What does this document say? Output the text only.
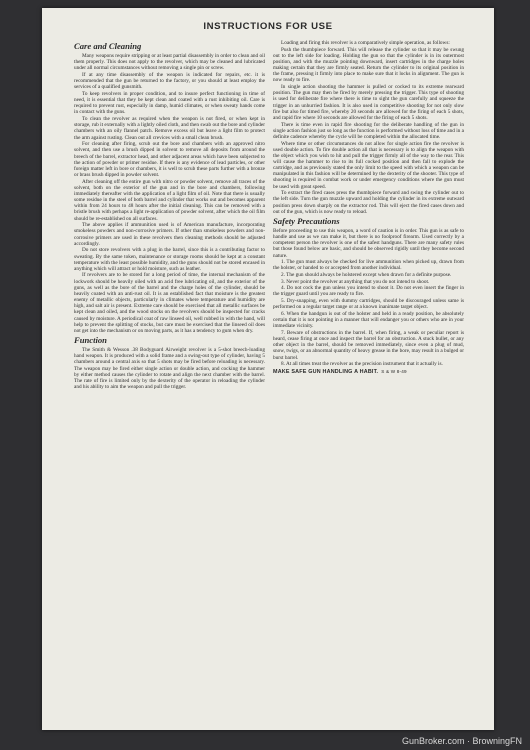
INSTRUCTIONS FOR USE
Care and Cleaning

Many weapons require stripping or at least partial disassembly in order to clean and oil them properly. This does not apply to the revolver, which may be cleaned and lubricated under all normal circumstances without removing a single pin or screw.

If at any time disassembly of the weapon is indicated for repairs, etc. it is recommended that the gun be returned to the factory, or you should at least employ the services of a qualified gunsmith.

To keep revolvers in proper condition, and to insure perfect functioning in time of need, it is essential that they be kept clean and coated with a rust inhibiting oil. Care is required to prevent rust, especially in damp, humid climates, or when sweaty hands come in contact with the guns.

To clean the revolver as required when the weapon is not fired, or when kept in storage, rub it externally with a lightly oiled cloth, and then swab out the bore and cylinder chambers with an oily flannel patch. Remove excess oil but leave a light film to protect the arm against rusting. Clean out all crevices with a small clean brush.

For cleaning after firing, scrub out the bore and chambers with an approved nitro solvent, and then use a brush dipped in solvent to remove all deposits from around the breech of the barrel, extractor head, and other adjacent areas which have been subjected to the action of powder or primer residue. If there is any evidence of lead particles, or other foreign matter left in bore or chambers, it is well to scrub these parts further with a bronze or brass brush dipped in powder solvent.

After cleaning off the entire gun with nitro or powder solvent, remove all traces of the solvent, both on the exterior of the gun and in the bore and chambers, following immediately thereafter with the application of a light film of oil. Note that there is usually some residue in the steel of both barrel and cylinder that works out and becomes apparent within from 24 hours to 48 hours after the initial cleaning. This can be removed with a bristle brush with perhaps a light re-application of powder solvent, after which the oil film should be re-established on all surfaces.

The above applies if ammunition used is of American manufacture, incorporating smokeless powders and non-corrosive primers. If other than smokeless powders and non-corrosive primers are used in these revolvers then cleaning methods should be adjusted accordingly.

Do not store revolvers with a plug in the barrel, since this is a contributing factor to sweating. By the same token, maintenance or storage rooms should be kept at a constant temperature with the least possible humidity, and the guns should not be stored encased in anything which will attract or hold moisture, such as leather.

If revolvers are to be stored for a long period of time, the internal mechanism of the lockwork should be heavily oiled with an acid free lubricating oil, and the exterior of the guns, as well as the bore of the barrel and the charge holes of the cylinder, should be heavily coated with an anti-rust oil. It is an established fact that moisture is the greatest enemy of metallic objects, particularly in climates where temperature and humidity are high, and salt air is present. Extreme care should be exercised that all metallic surfaces be kept clean and oiled, and the wood stocks on the revolvers should be inspected for cracks caused by moisture. A periodical coat of raw linseed oil, well rubbed in with the hand, will help to prevent the splitting of stocks, but care must be exercised that the linseed oil does not get into the mechanism or on moving parts, as it has a tendency to gum when dry.

Function

The Smith & Wesson .38 Bodyguard Airweight revolver is a 5-shot breech-loading hand weapon. It is produced with a solid frame and a swing-out type of cylinder, having 5 chambers around a central axis so that 5 shots may be fired before reloading is necessary. The weapon may be fired either single action or double action, and cocking the hammer by either method causes the cylinder to rotate and align the next chamber with the barrel. The rate of fire is limited only by the dexterity of the operator in reloading the cylinder and his ability to aim the weapon and pull the trigger.

Loading and firing this revolver is a comparatively simple operation, as follows:

Push the thumbpiece forward. This will release the cylinder so that it may be swung out to the left side for loading. Holding the gun so that the cylinder is in its outermost position, and with the muzzle pointing downward, insert cartridges in the charge holes making certain that they are firmly seated. Return the cylinder to its original position in the frame, pressing it firmly into place to make sure that it locks in alignment. The gun is now ready to fire.

In single action shooting the hammer is pulled or cocked to its extreme rearward position. The gun may then be fired by merely pressing the trigger. This type of shooting is used for deliberate fire where there is time to sight the gun carefully and squeeze the trigger in an unhurried fashion. It is also used in competitive shooting for not only slow fire but also for timed fire, whereby 20 seconds are allowed for the firing of each 5 shots, and rapid fire where 10 seconds are allowed for the firing of each 5 shots.

There is time even in rapid fire shooting for the deliberate handling of the gun in single action fashion just so long as the function is performed without loss of time and in a definite cadence whereby the cycle will be completed within the allocated time.

Where time or other circumstances do not allow for single action fire the revolver is used double action. To fire double action all that is necessary is to align the weapon with the object which you wish to hit and pull the trigger firmly all of the way to the rear. This will cause the hammer to rise to its full cocked position and then fall to explode the cartridge, and as previously stated the only limit to the speed with which a weapon can be manipulated in this fashion will be determined by the dexterity of the shooter. This type of shooting is required in combat work or under emergency conditions where the gun must be used with great speed.

To extract the fired cases press the thumbpiece forward and swing the cylinder out to the left side. Turn the gun muzzle upward and holding the cylinder in its extreme outward position press down sharply on the extractor rod. This will eject the fired cases down and out of the gun, which is now ready to reload.

Safety Precautions

Before proceeding to use this weapon, a word of caution is in order. This gun is as safe to handle and use as we can make it, but there is no foolproof firearm. Used correctly by a competent person the revolver is one of the safest handguns. There are many safety rules but those found below are basic, and should be observed rigidly until they become second nature.

1. The gun must always be checked for live ammunition when picked up, drawn from the holster, or handed to or accepted from another individual.

2. The gun should always be holstered except when drawn for a definite purpose.

3. Never point the revolver at anything that you do not intend to shoot.

4. Do not cock the gun unless you intend to shoot it. Do not even insert the finger in the trigger guard until you are ready to fire.

5. Dry-snapping, even with dummy cartridges, should be discouraged unless same is performed on a regular target range or at a known inanimate target object.

6. When the handgun is out of the holster and held in a ready position, be absolutely certain that it is not pointing in a manner that will endanger you or others who are in your immediate vicinity.

7. Beware of obstructions in the barrel. If, when firing, a weak or peculiar report is heard, cease firing at once and inspect the barrel for an obstruction. A stuck bullet, or any other object in the barrel, should be removed immediately, since even a plug of mud, snow, twigs, or an abnormal quantity of heavy grease in the bore, may result in a bulged or burst barrel.

8. At all times treat the revolver as the precision instrument that it actually is.

MAKE SAFE GUN HANDLING A HABIT. S & W 8-49
GunBroker.com · BrowningFN
